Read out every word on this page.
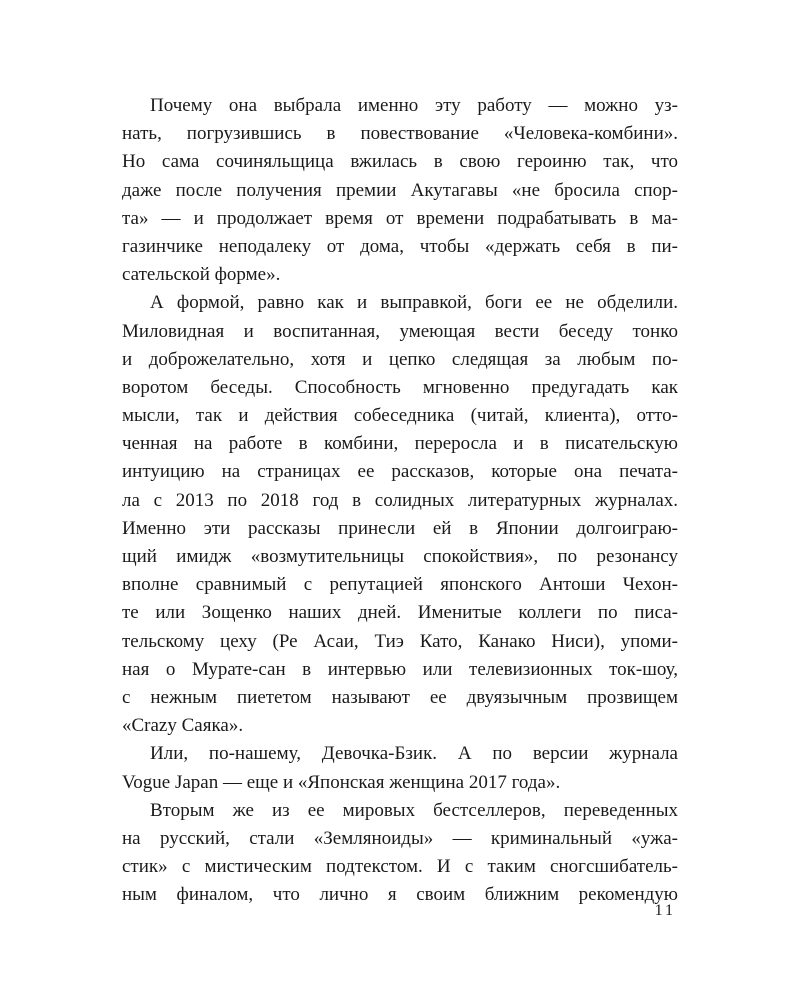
Почему она выбрала именно эту работу — можно уз-
нать, погрузившись в повествование «Человека-комбини».
Но сама сочиняльщица вжилась в свою героиню так, что
даже после получения премии Акутагавы «не бросила спор-
та» — и продолжает время от времени подрабатывать в ма-
газинчике неподалеку от дома, чтобы «держать себя в пи-
сательской форме».
А формой, равно как и выправкой, боги ее не обделили.
Миловидная и воспитанная, умеющая вести беседу тонко
и доброжелательно, хотя и цепко следящая за любым по-
воротом беседы. Способность мгновенно предугадать как
мысли, так и действия собеседника (читай, клиента), отто-
ченная на работе в комбини, переросла и в писательскую
интуицию на страницах ее рассказов, которые она печата-
ла с 2013 по 2018 год в солидных литературных журналах.
Именно эти рассказы принесли ей в Японии долгоиграю-
щий имидж «возмутительницы спокойствия», по резонансу
вполне сравнимый с репутацией японского Антоши Чехон-
те или Зощенко наших дней. Именитые коллеги по писа-
тельскому цеху (Ре Асаи, Тиэ Като, Канако Ниси), упоми-
ная о Мурате-сан в интервью или телевизионных ток-шоу,
с нежным пиететом называют ее двуязычным прозвищем
«Crazy Саяка».
Или, по-нашему, Девочка-Бзик. А по версии журнала
Vogue Japan — еще и «Японская женщина 2017 года».
Вторым же из ее мировых бестселлеров, переведенных
на русский, стали «Земляноиды» — криминальный «ужа-
стик» с мистическим подтекстом. И с таким сногсшибатель-
ным финалом, что лично я своим ближним рекомендую
11
